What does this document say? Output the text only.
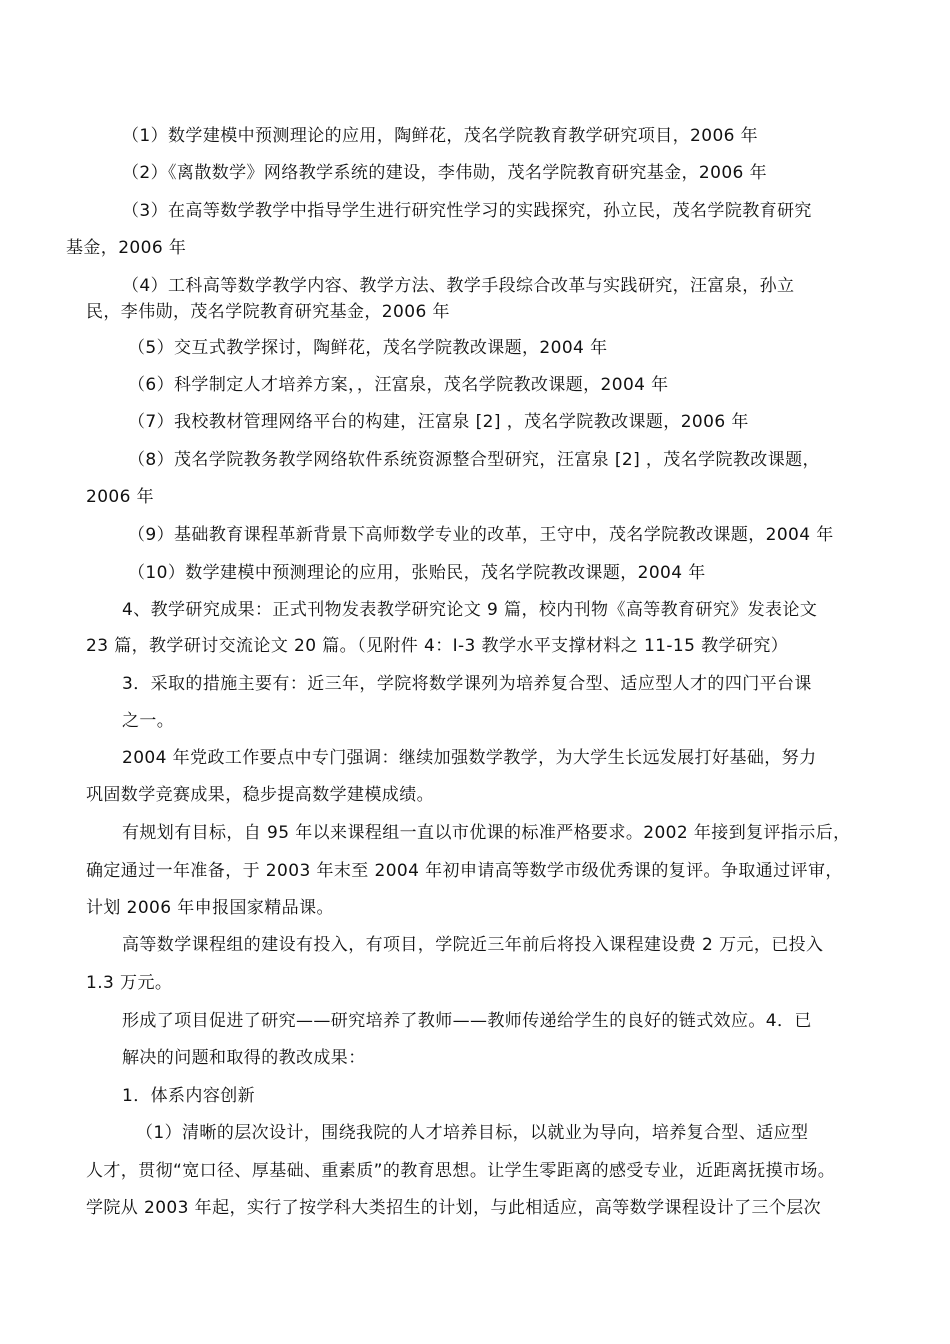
（1）数学建模中预测理论的应用，陶鲜花，茂名学院教育教学研究项目，2006 年
（2）《离散数学》网络教学系统的建设，李伟勋，茂名学院教育研究基金，2006 年
（3）在高等数学教学中指导学生进行研究性学习的实践探究，孙立民，茂名学院教育研究
基金，2006 年
（4）工科高等数学教学内容、教学方法、教学手段综合改革与实践研究，汪富泉，孙立
民，李伟勋，茂名学院教育研究基金，2006 年
（5）交互式教学探讨，陶鲜花，茂名学院教改课题，2004 年
（6）科学制定人才培养方案，，汪富泉，茂名学院教改课题，2004 年
（7）我校教材管理网络平台的构建，汪富泉 [2] ，茂名学院教改课题，2006 年
（8）茂名学院教务教学网络软件系统资源整合型研究，汪富泉 [2] ，茂名学院教改课题，
2006 年
（9）基础教育课程革新背景下高师数学专业的改革，王守中，茂名学院教改课题，2004 年
（10）数学建模中预测理论的应用，张贻民，茂名学院教改课题，2004 年
4、教学研究成果：正式刊物发表教学研究论文 9 篇，校内刊物《高等教育研究》发表论文
23 篇，教学研讨交流论文 20 篇。（见附件 4：I-3 教学水平支撑材料之 11-15 教学研究）
3．采取的措施主要有：近三年，学院将数学课列为培养复合型、适应型人才的四门平台课
之一。
2004 年党政工作要点中专门强调：继续加强数学教学，为大学生长远发展打好基础，努力
巩固数学竞赛成果，稳步提高数学建模成绩。
有规划有目标，自 95 年以来课程组一直以市优课的标准严格要求。2002 年接到复评指示后，
确定通过一年准备，于 2003 年末至 2004 年初申请高等数学市级优秀课的复评。争取通过评审，
计划 2006 年申报国家精品课。
高等数学课程组的建设有投入，有项目，学院近三年前后将投入课程建设费 2 万元，已投入
1.3 万元。
形成了项目促进了研究——研究培养了教师——教师传递给学生的良好的链式效应。4．已
解决的问题和取得的教改成果：
1．体系内容创新
（1）清晰的层次设计，围绕我院的人才培养目标，以就业为导向，培养复合型、适应型
人才，贯彻“宽口径、厚基础、重素质”的教育思想。让学生零距离的感受专业，近距离抚摸市场。
学院从 2003 年起，实行了按学科大类招生的计划，与此相适应，高等数学课程设计了三个层次
